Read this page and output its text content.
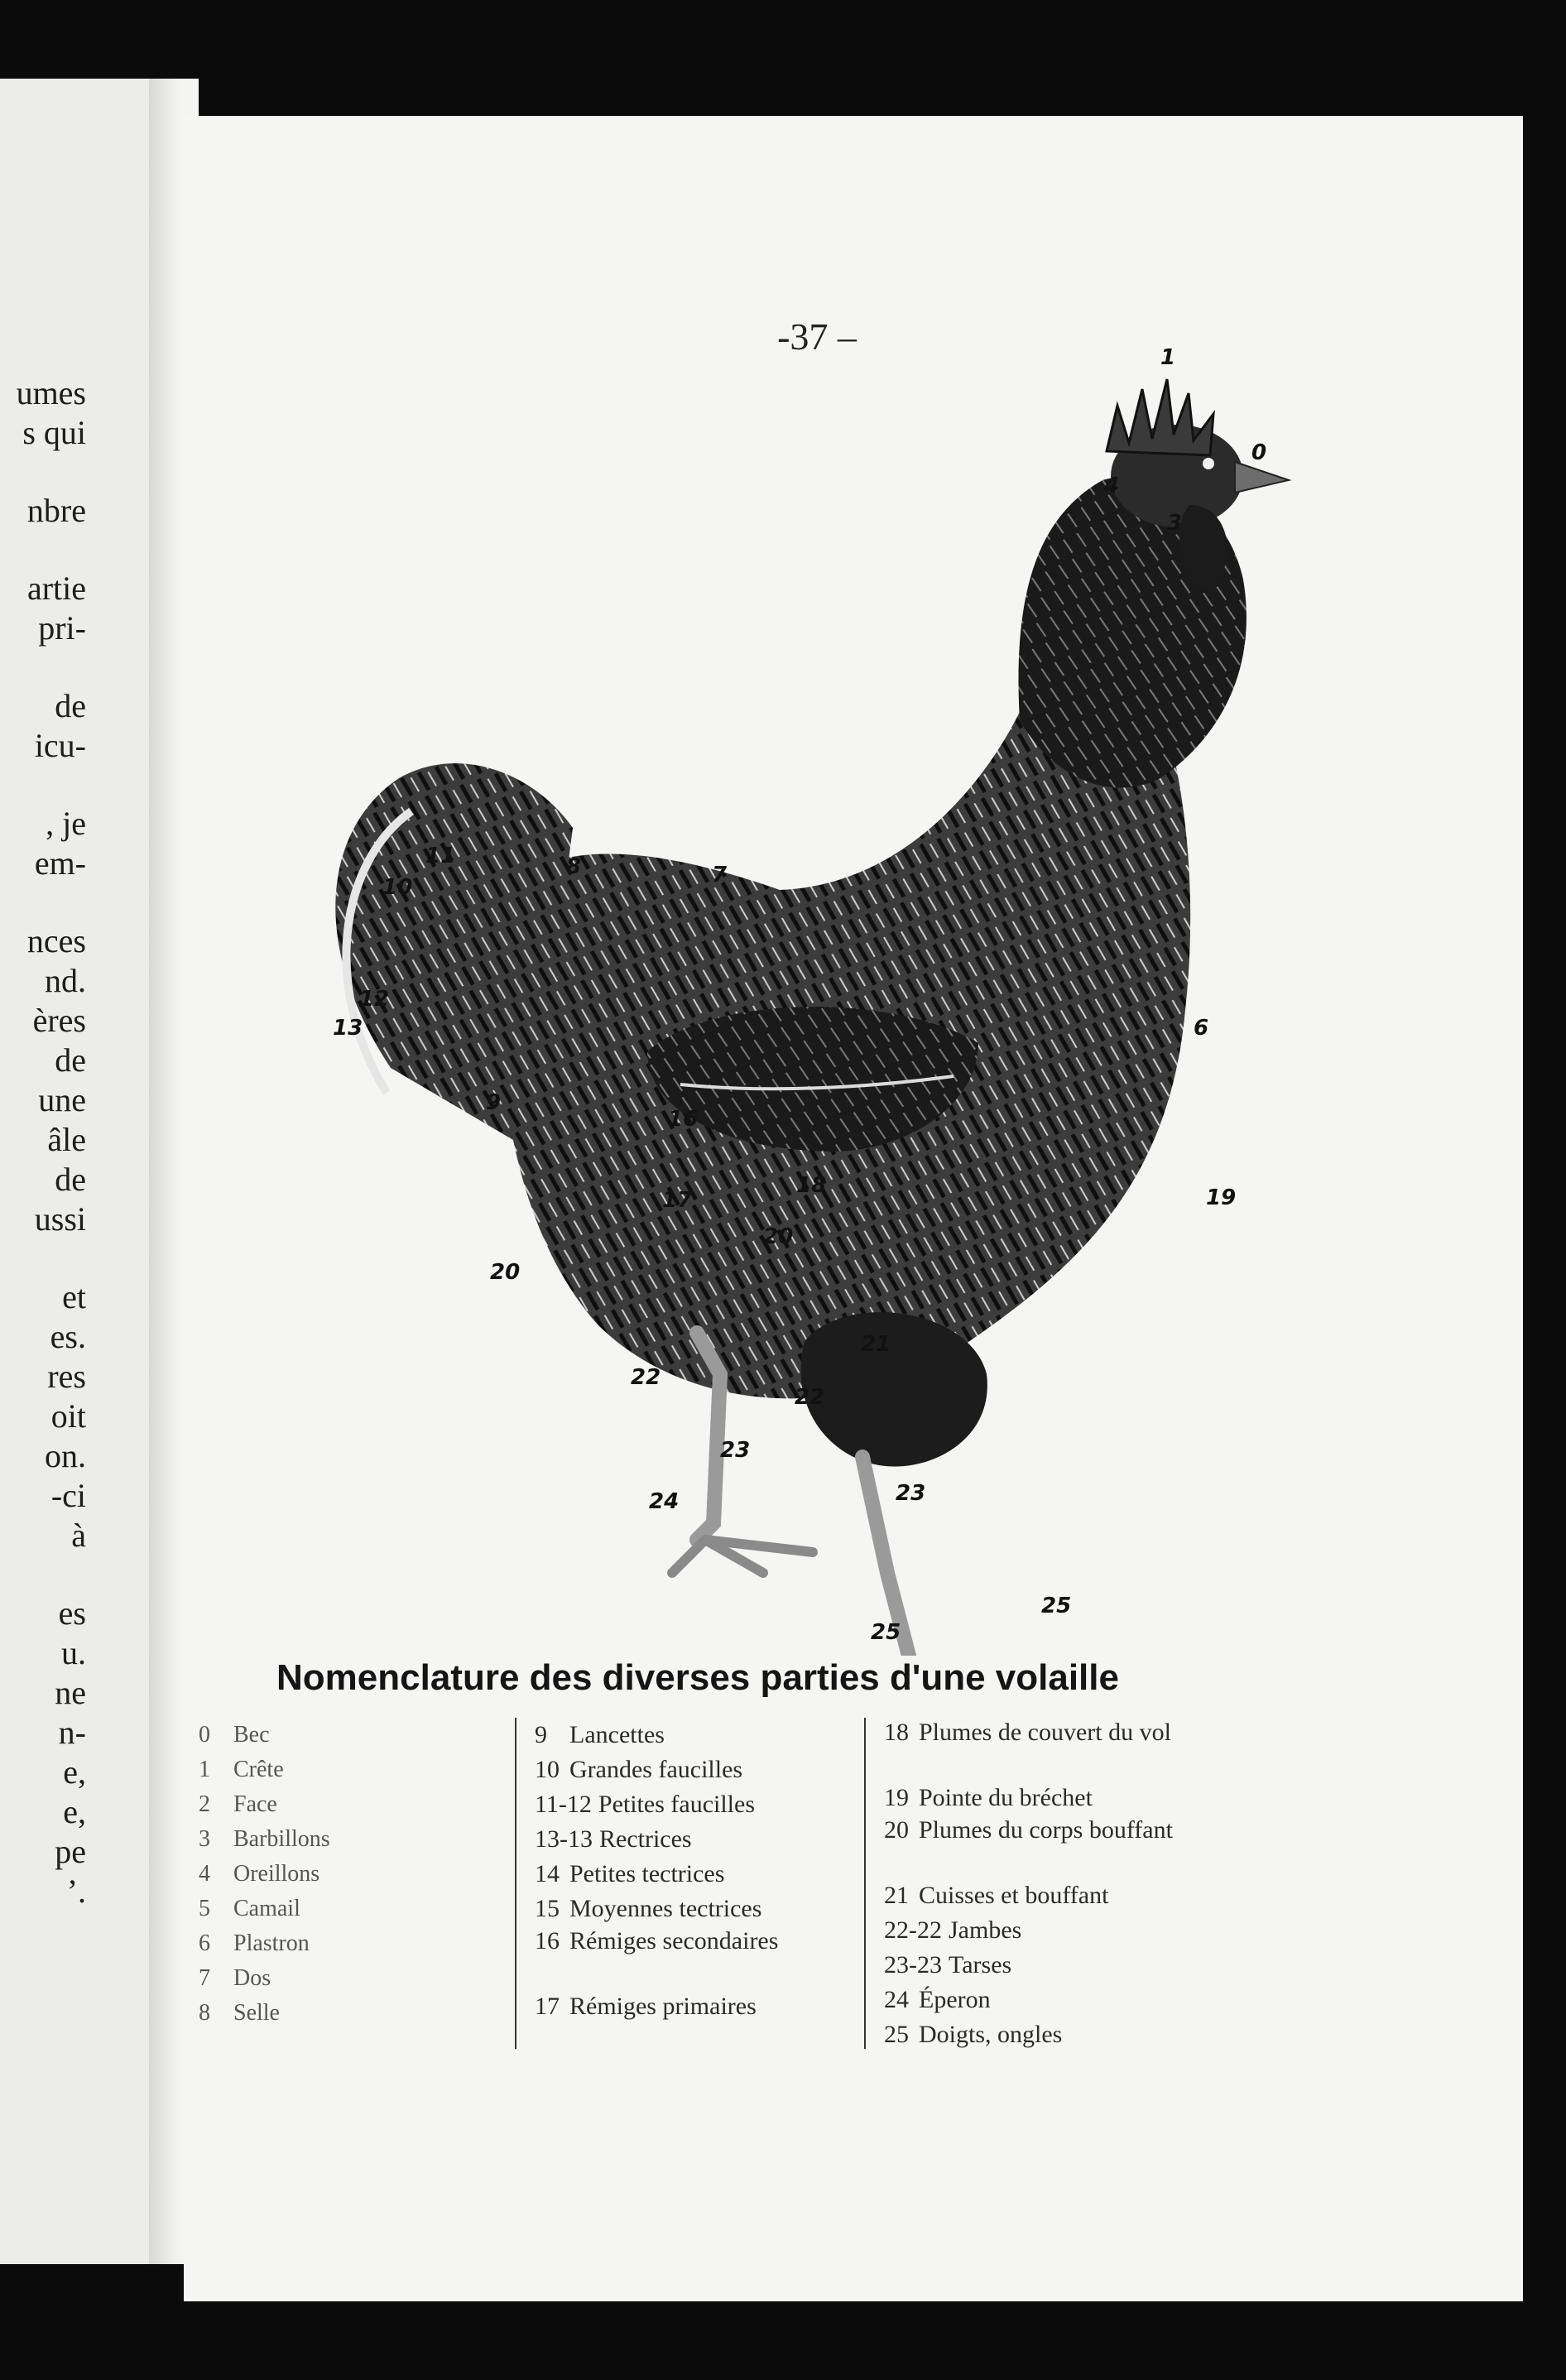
umes
s qui
nbre
artie
pri-
de
icu-
, je
em-
nces
nd.
ères
de
une
âle
de
ussi
et
es.
res
oit
on.
-ci
à
es
u.
ne
n-
e,
e,
pe
’.
-37 –
0
1
4
3
6
19
8	7
10
11
12
13
9
16
17
18
20
20
21
22
22
23
23
24
25
25
Nomenclature des diverses parties d'une volaille
0 Bec
1 Crête
2 Face
3 Barbillons
4 Oreillons
5 Camail
6 Plastron
7 Dos
8 Selle
9 Lancettes
10 Grandes faucilles
11-12 Petites faucilles
13-13 Rectrices
14 Petites tectrices
15 Moyennes tectrices
16 Rémiges secondaires
17 Rémiges primaires
18 Plumes de couvert du vol
19 Pointe du bréchet
20 Plumes du corps bouffant
21 Cuisses et bouffant
22-22 Jambes
23-23 Tarses
24 Éperon
25 Doigts, ongles
